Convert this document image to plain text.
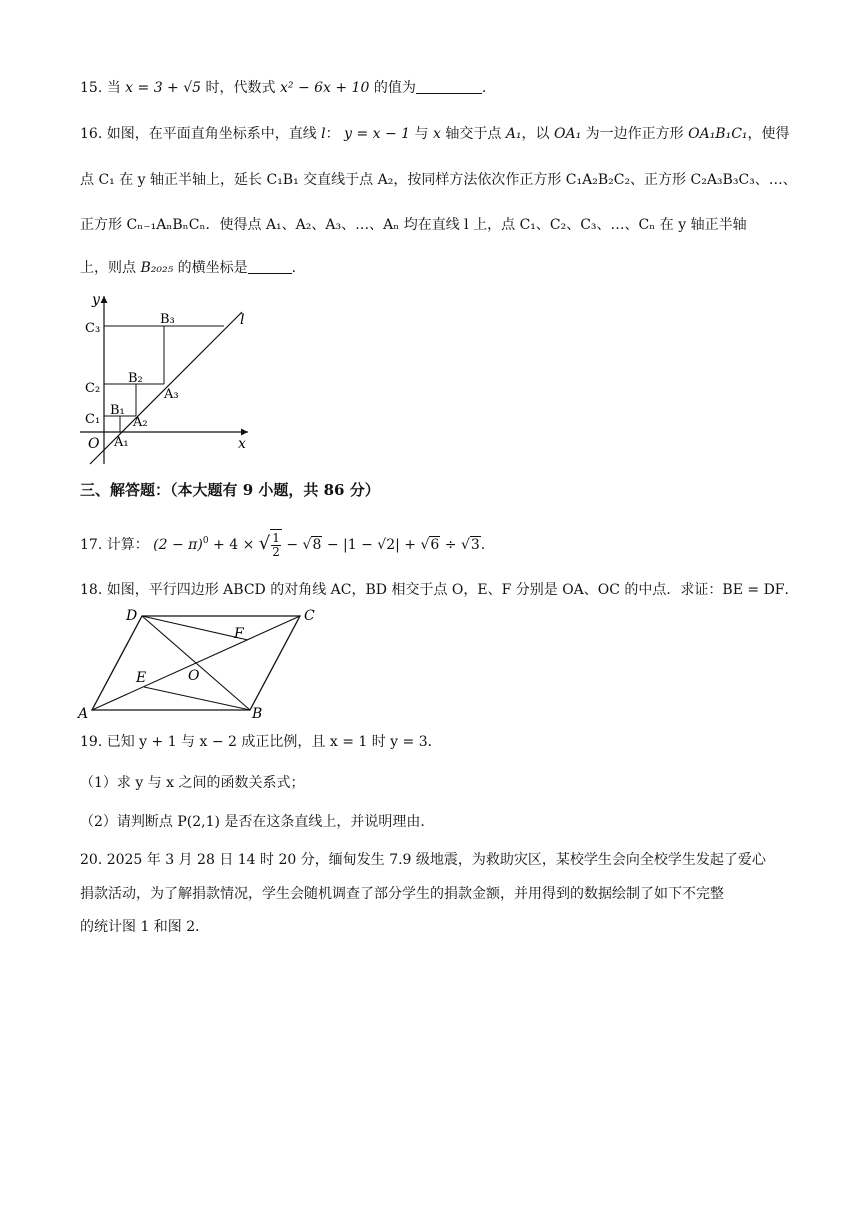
15. 当 x = 3 + √5 时，代数式 x² − 6x + 10 的值为	.
16. 如图，在平面直角坐标系中，直线 l： y = x − 1 与 x 轴交于点 A₁，以 OA₁ 为一边作正方形 OA₁B₁C₁，使得
点 C₁ 在 y 轴正半轴上，延长 C₁B₁ 交直线于点 A₂，按同样方法依次作正方形 C₁A₂B₂C₂、正方形 C₂A₃B₃C₃、…、
正方形 Cₙ₋₁AₙBₙCₙ．使得点 A₁、A₂、A₃、…、Aₙ 均在直线 l 上，点 C₁、C₂、C₃、…、Cₙ 在 y 轴正半轴
上，则点 B₂₀₂₅ 的横坐标是	.
y
x
O
l
C₃
C₂
C₁
B₃
B₂
B₁
A₃
A₂
A₁
三、解答题：（本大题有 9 小题，共 86 分）
17. 计算： $(2 - \pi)^0 + 4$ × √ $\frac{1}{2} - √8 - |1 - √2| + √6 \div √3$.
18. 如图，平行四边形 ABCD 的对角线 AC，BD 相交于点 O，E、F 分别是 OA、OC 的中点．求证：BE = DF．
A	B
C
D
E
F
O
19. 已知 y + 1 与 x − 2 成正比例，且 x = 1 时 y = 3．
（1）求 y 与 x 之间的函数关系式；
（2）请判断点 P(2,1) 是否在这条直线上，并说明理由．
20. 2025 年 3 月 28 日 14 时 20 分，缅甸发生 7.9 级地震，为救助灾区，某校学生会向全校学生发起了爱心
捐款活动，为了解捐款情况，学生会随机调查了部分学生的捐款金额，并用得到的数据绘制了如下不完整
的统计图 1 和图 2．
